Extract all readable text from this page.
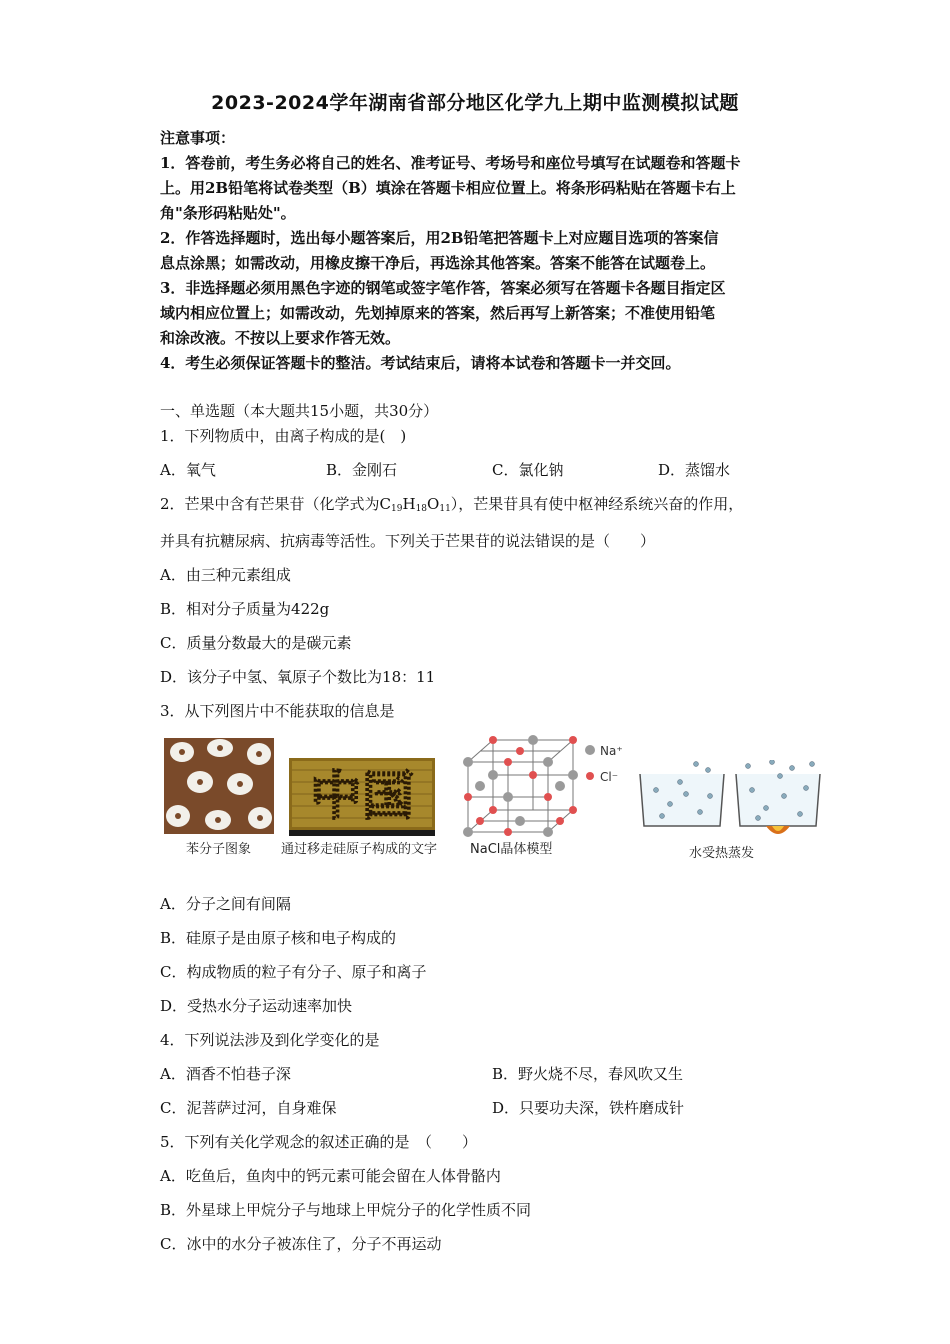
2023-2024学年湖南省部分地区化学九上期中监测模拟试题
注意事项：
1．答卷前，考生务必将自己的姓名、准考证号、考场号和座位号填写在试题卷和答题卡
上。用2B铅笔将试卷类型（B）填涂在答题卡相应位置上。将条形码粘贴在答题卡右上
角"条形码粘贴处"。
2．作答选择题时，选出每小题答案后，用2B铅笔把答题卡上对应题目选项的答案信
息点涂黑；如需改动，用橡皮擦干净后，再选涂其他答案。答案不能答在试题卷上。
3．非选择题必须用黑色字迹的钢笔或签字笔作答，答案必须写在答题卡各题目指定区
域内相应位置上；如需改动，先划掉原来的答案，然后再写上新答案；不准使用铅笔
和涂改液。不按以上要求作答无效。
4．考生必须保证答题卡的整洁。考试结束后，请将本试卷和答题卡一并交回。
一、单选题（本大题共15小题，共30分）
1．下列物质中，由离子构成的是(　)
A．氧气	B．金刚石	C．氯化钠	D．蒸馏水
2．芒果中含有芒果苷（化学式为$C_{19}H_{18}O_{11}$），芒果苷具有使中枢神经系统兴奋的作用，
并具有抗糖尿病、抗病毒等活性。下列关于芒果苷的说法错误的是（　　）
A．由三种元素组成
B．相对分子质量为422g
C．质量分数最大的是碳元素
D．该分子中氢、氧原子个数比为18：11
3．从下列图片中不能获取的信息是
苯分子图象
中国
通过移走硅原子构成的文字
Na⁺
Cl⁻
NaCl晶体模型	水受热蒸发
A．分子之间有间隔
B．硅原子是由原子核和电子构成的
C．构成物质的粒子有分子、原子和离子
D．受热水分子运动速率加快
4．下列说法涉及到化学变化的是
A．酒香不怕巷子深	B．野火烧不尽，春风吹又生
C．泥菩萨过河，自身难保	D．只要功夫深，铁杵磨成针
5．下列有关化学观念的叙述正确的是　（　　）
A．吃鱼后，鱼肉中的钙元素可能会留在人体骨骼内
B．外星球上甲烷分子与地球上甲烷分子的化学性质不同
C．冰中的水分子被冻住了，分子不再运动
